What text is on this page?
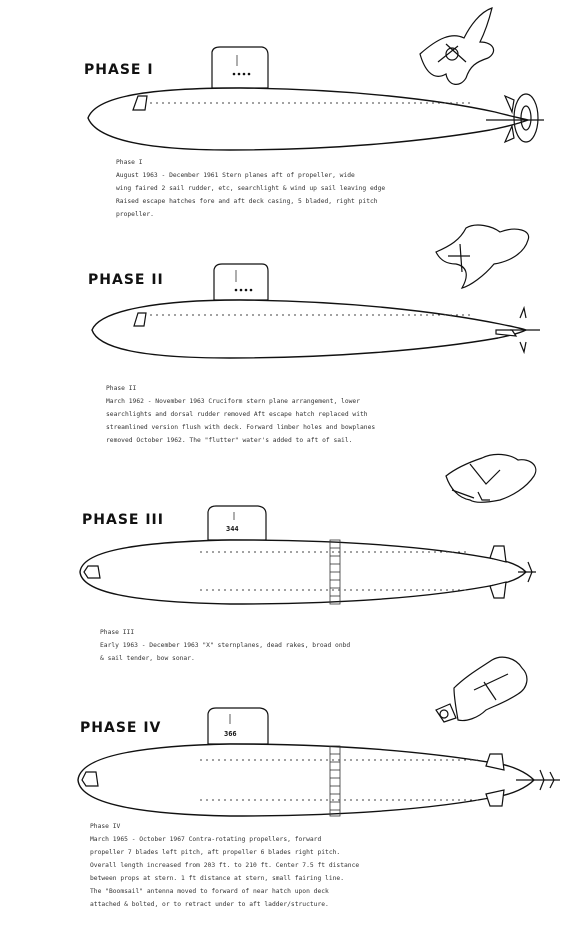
344
366
PHASE I
PHASE II
PHASE III
PHASE IV
Phase I
August 1963 - December 1961 Stern planes aft of propeller, wide
wing faired 2 sail rudder, etc, searchlight & wind up sail leaving edge
Raised escape hatches fore and aft deck casing, 5 bladed, right pitch
propeller.
Phase II
March 1962 - November 1963 Cruciform stern plane arrangement, lower
searchlights and dorsal rudder removed Aft escape hatch replaced with
streamlined version flush with deck. Forward limber holes and bowplanes
removed October 1962. The "flutter" water's added to aft of sail.
Phase III
Early 1963 - December 1963 "X" sternplanes, dead rakes, broad onbd
& sail tender, bow sonar.
Phase IV
March 1965 - October 1967 Contra-rotating propellers, forward
propeller 7 blades left pitch, aft propeller 6 blades right pitch.
Overall length increased from 203 ft. to 210 ft. Center 7.5 ft distance
between props at stern. 1 ft distance at stern, small fairing line.
The "Boomsail" antenna moved to forward of near hatch upon deck
attached & bolted, or to retract under to aft ladder/structure.
